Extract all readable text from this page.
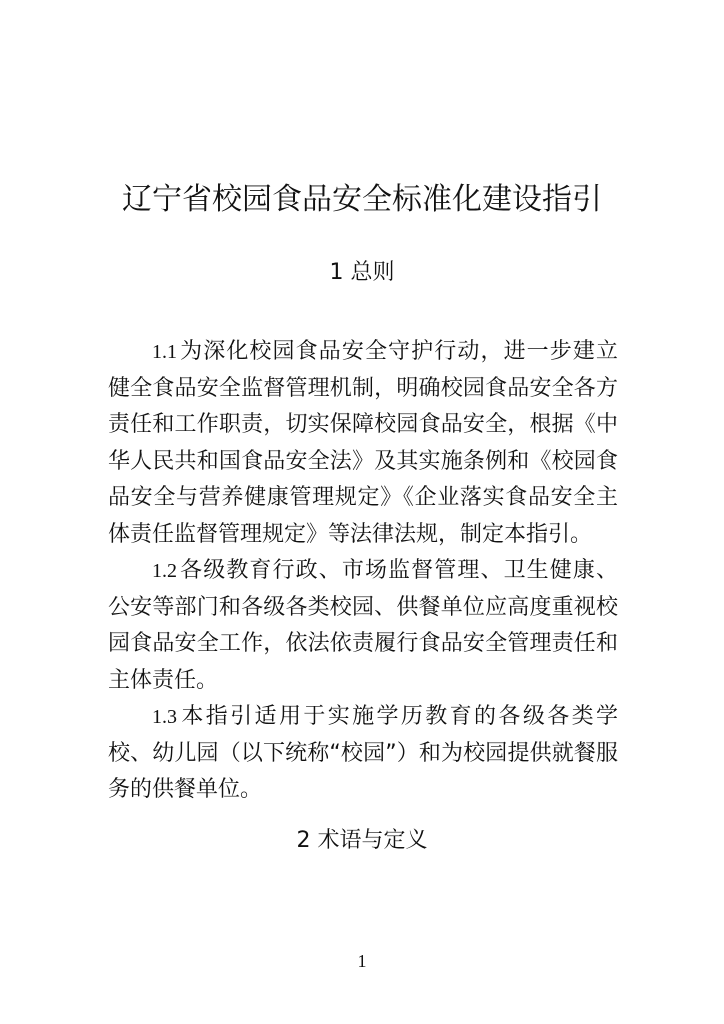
辽宁省校园食品安全标准化建设指引
1 总则

1.1为深化校园食品安全守护行动，进一步建立健全食品安全监督管理机制，明确校园食品安全各方责任和工作职责，切实保障校园食品安全，根据《中华人民共和国食品安全法》及其实施条例和《校园食品安全与营养健康管理规定》《企业落实食品安全主体责任监督管理规定》等法律法规，制定本指引。

1.2各级教育行政、市场监督管理、卫生健康、公安等部门和各级各类校园、供餐单位应高度重视校园食品安全工作，依法依责履行食品安全管理责任和主体责任。

1.3本指引适用于实施学历教育的各级各类学校、幼儿园（以下统称“校园”）和为校园提供就餐服务的供餐单位。

2 术语与定义
1
